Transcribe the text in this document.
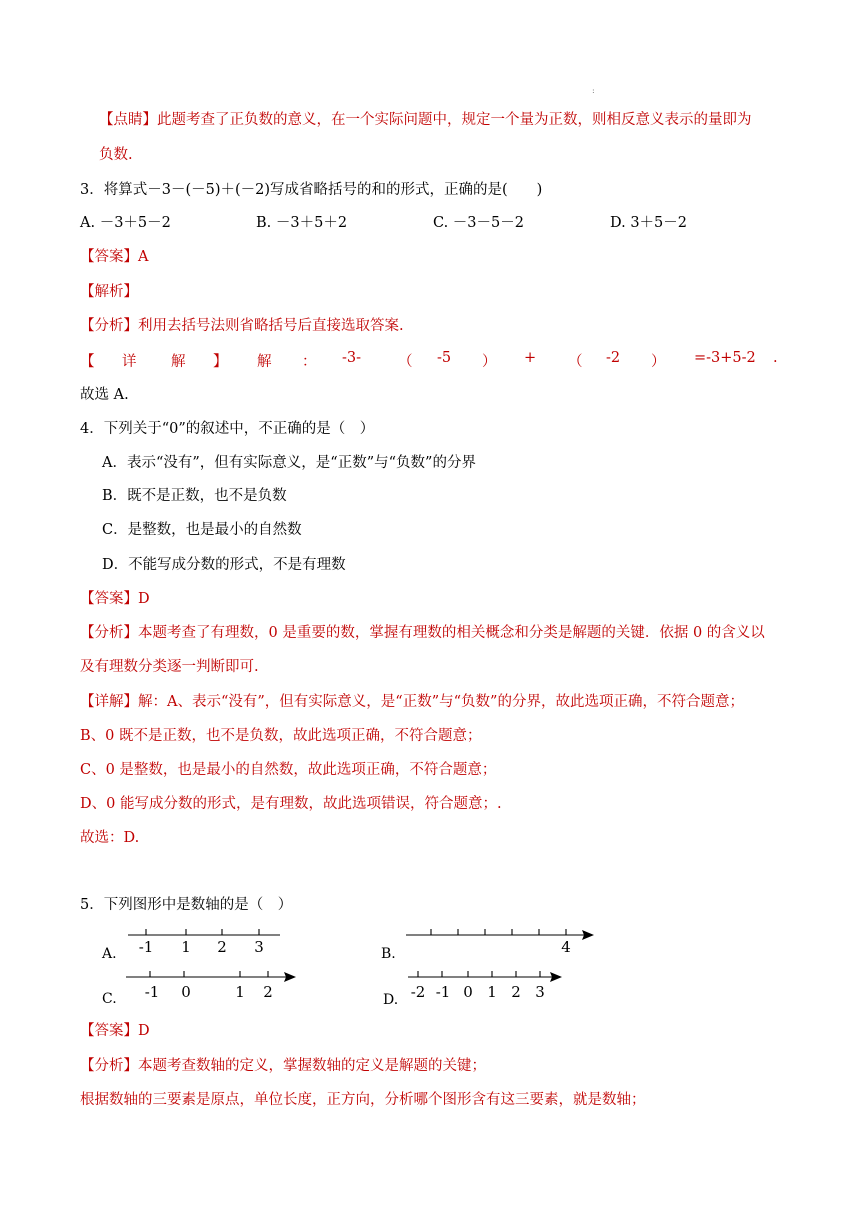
:
【点睛】此题考查了正负数的意义，在一个实际问题中，规定一个量为正数，则相反意义表示的量即为
负数.
3．将算式－3－(－5)＋(－2)写成省略括号的和的形式，正确的是(　　)
A. －3＋5－2	B. －3＋5＋2	C. －3－5－2	D. 3＋5－2
【答案】A
【解析】
【分析】利用去括号法则省略括号后直接选取答案.
【 详 解 】 解 ： -3-	（ -5 ） + （ -2 ） =-3+5-2 .
故选 A.
4．下列关于“0”的叙述中，不正确的是（　）
A．表示“没有”，但有实际意义，是“正数”与“负数”的分界
B．既不是正数，也不是负数
C．是整数，也是最小的自然数
D．不能写成分数的形式，不是有理数
【答案】D
【分析】本题考查了有理数，0 是重要的数，掌握有理数的相关概念和分类是解题的关键．依据 0 的含义以
及有理数分类逐一判断即可.
【详解】解：A、表示“没有”，但有实际意义，是“正数”与“负数”的分界，故此选项正确，不符合题意；
B、0 既不是正数，也不是负数，故此选项正确，不符合题意；
C、0 是整数，也是最小的自然数，故此选项正确，不符合题意；
D、0 能写成分数的形式，是有理数，故此选项错误，符合题意；.
故选：D.
5．下列图形中是数轴的是（　）
A. -1 1 2 3
C. -1 0	1 2
B.	4
D. -2 -1 0 1 2 3
【答案】D
【分析】本题考查数轴的定义，掌握数轴的定义是解题的关键；
根据数轴的三要素是原点，单位长度，正方向，分析哪个图形含有这三要素，就是数轴；
